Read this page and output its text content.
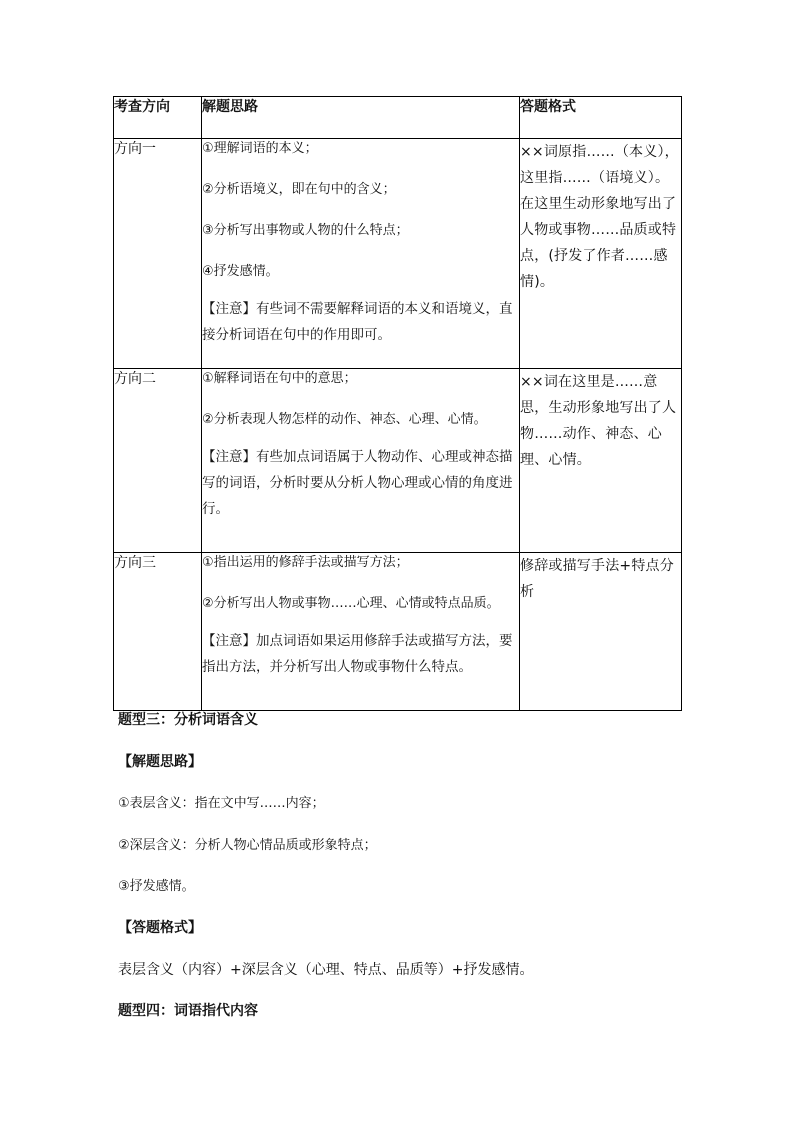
考查方向	解题思路	答题格式
方向一	①理解词语的本义；
②分析语境义，即在句中的含义；
③分析写出事物或人物的什么特点；
④抒发感情。
【注意】有些词不需要解释词语的本义和语境义，直接分析词语在句中的作用即可。	××词原指……（本义），这里指……（语境义）。在这里生动形象地写出了人物或事物……品质或特点，(抒发了作者……感情)。
方向二	①解释词语在句中的意思；
②分析表现人物怎样的动作、神态、心理、心情。
【注意】有些加点词语属于人物动作、心理或神态描写的词语，分析时要从分析人物心理或心情的角度进行。	××词在这里是……意思，生动形象地写出了人物……动作、神态、心理、心情。
方向三	①指出运用的修辞手法或描写方法；
②分析写出人物或事物……心理、心情或特点品质。
【注意】加点词语如果运用修辞手法或描写方法，要指出方法，并分析写出人物或事物什么特点。	修辞或描写手法+特点分析
题型三：分析词语含义
【解题思路】
①表层含义：指在文中写……内容；
②深层含义：分析人物心情品质或形象特点；
③抒发感情。
【答题格式】
表层含义（内容）+深层含义（心理、特点、品质等）+抒发感情。
题型四：词语指代内容
